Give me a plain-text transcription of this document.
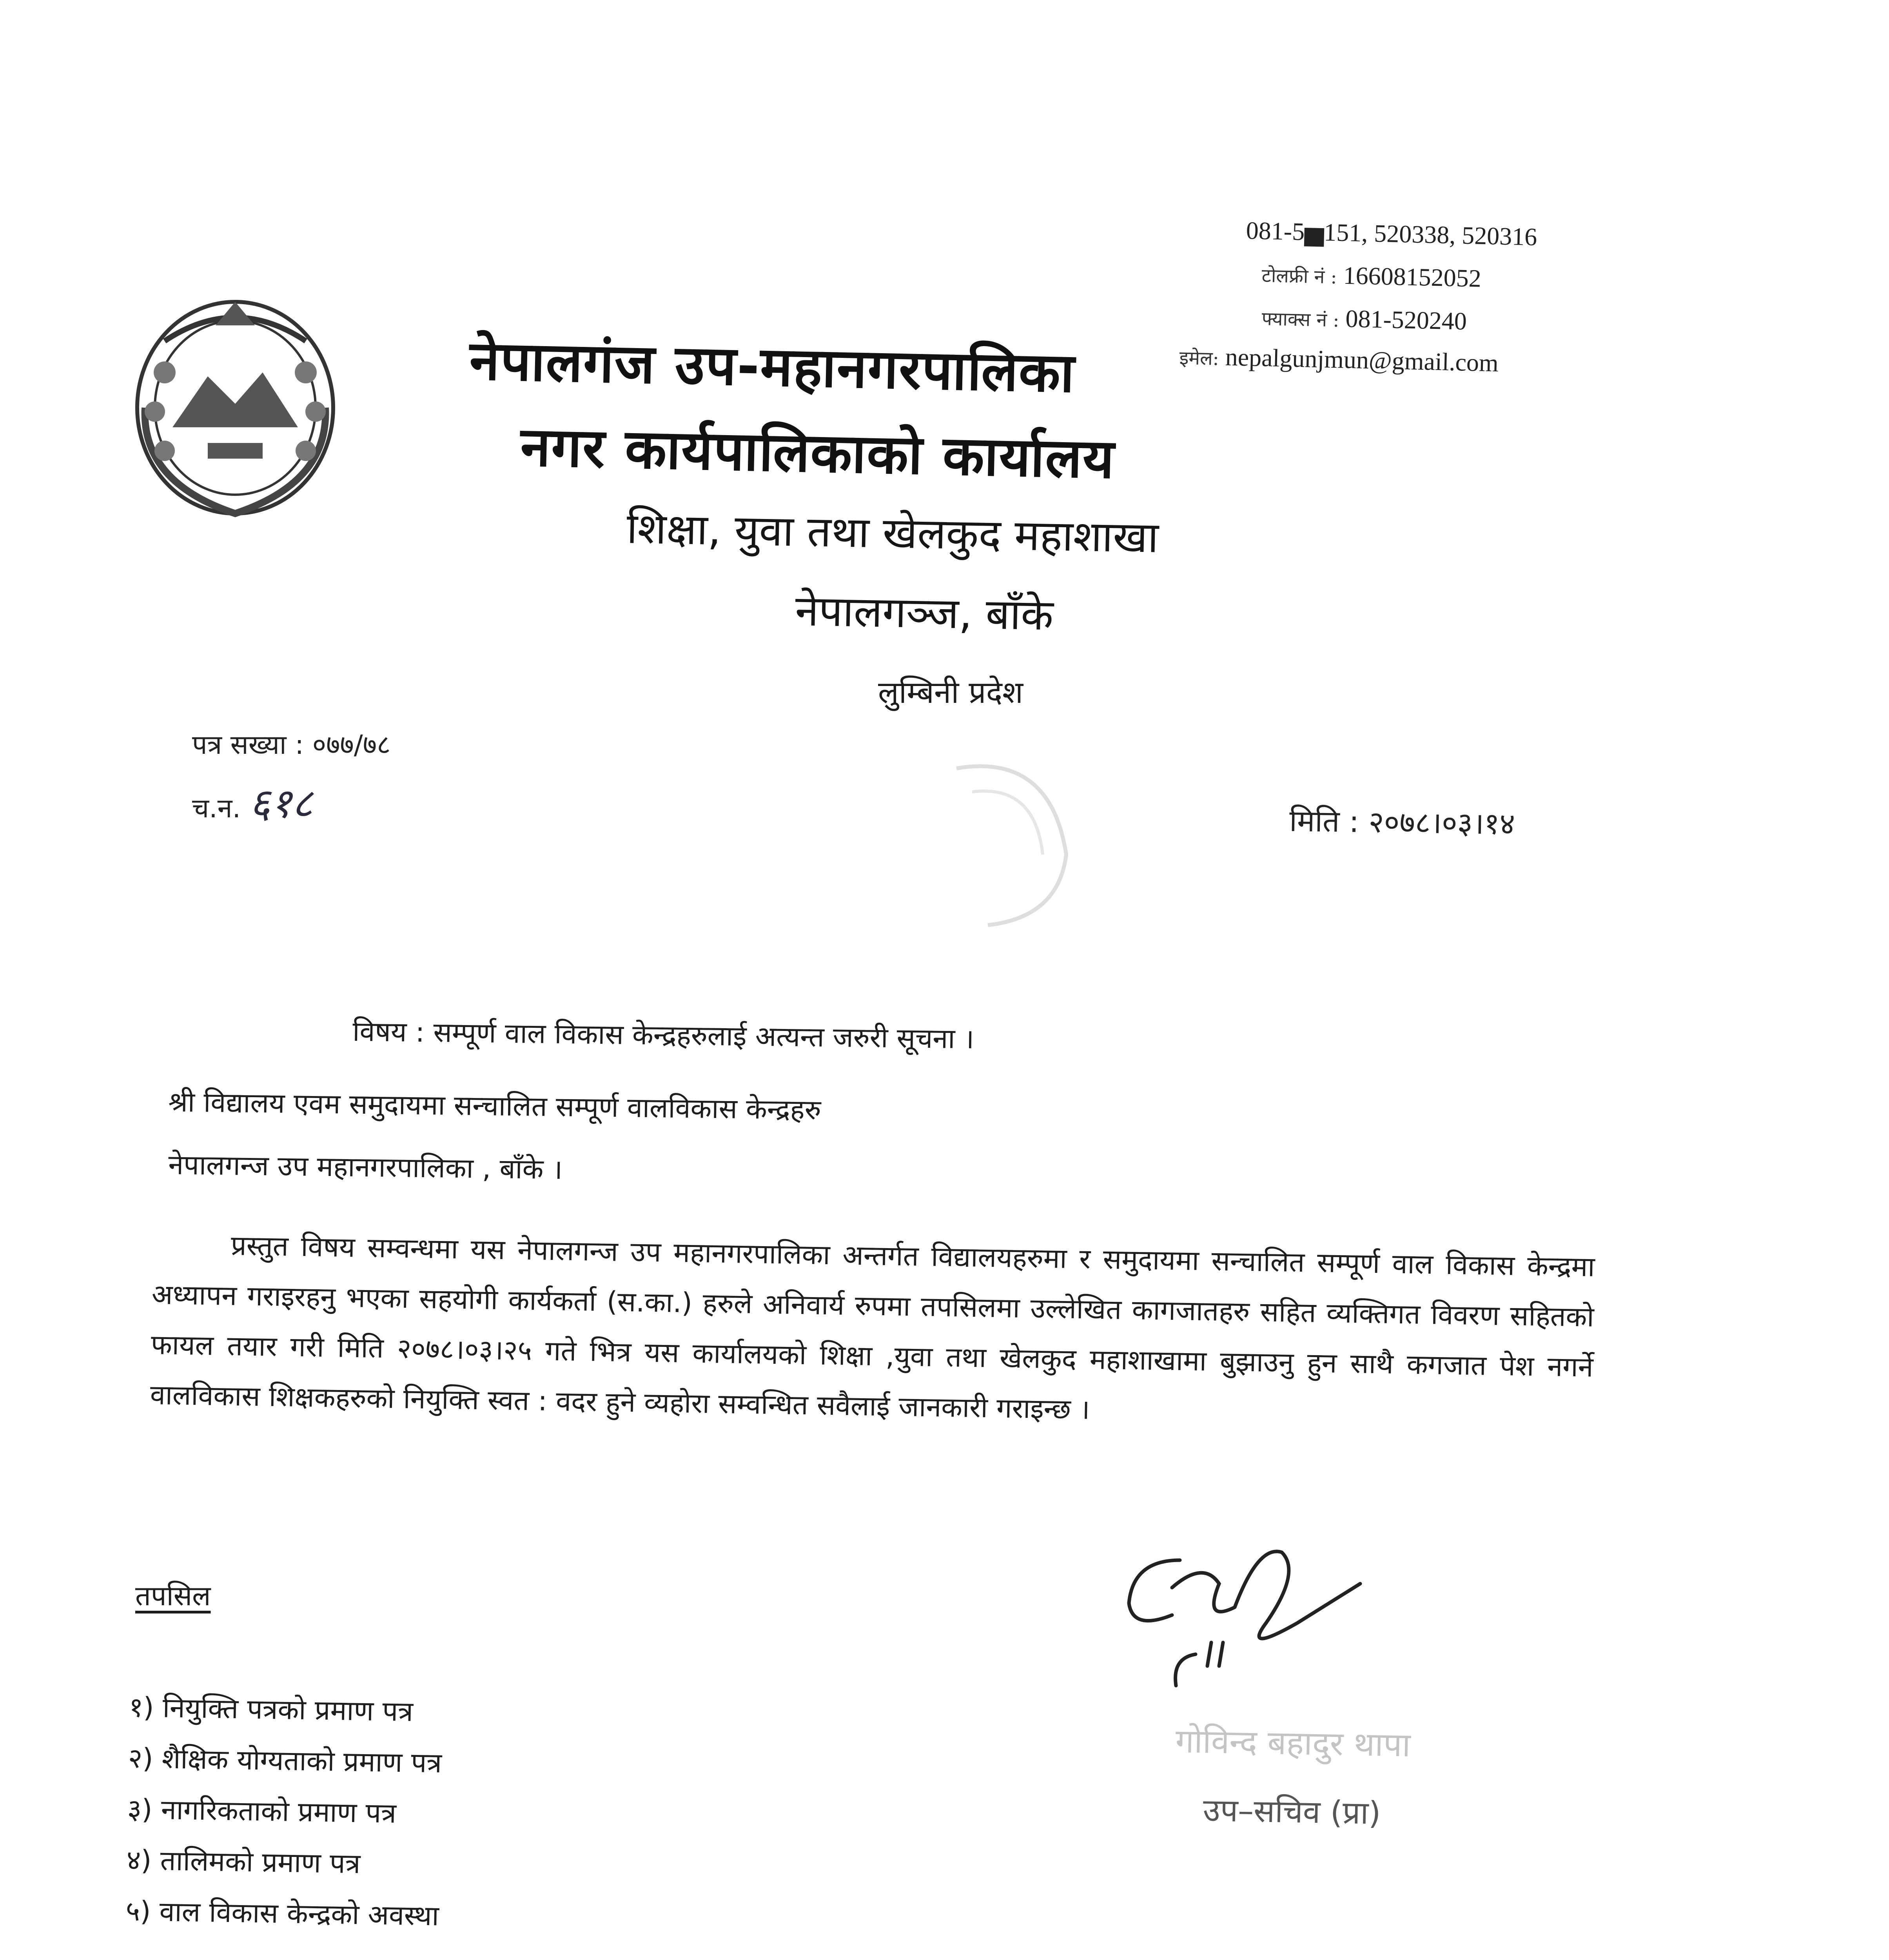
081-5▅151, 520338, 520316
टोलफ्री नं : 16608152052
फ्याक्स नं : 081-520240
इमेल: nepalgunjmun@gmail.com
नेपालगंज उप-महानगरपालिका
नगर कार्यपालिकाको कार्यालय
शिक्षा, युवा तथा खेलकुद महाशाखा
नेपालगञ्ज, बाँके
लुम्बिनी प्रदेश
पत्र सख्या : ०७७/७८
च.न. ६१८	मिति : २०७८।०३।१४
विषय : सम्पूर्ण वाल विकास केन्द्रहरुलाई अत्यन्त जरुरी सूचना ।
श्री विद्यालय एवम समुदायमा सन्चालित सम्पूर्ण वालविकास केन्द्रहरु
नेपालगन्ज उप महानगरपालिका , बाँके ।
प्रस्तुत विषय सम्वन्धमा यस नेपालगन्ज उप महानगरपालिका अन्तर्गत विद्यालयहरुमा र समुदायमा सन्चालित सम्पूर्ण वाल विकास केन्द्रमा अध्यापन गराइरहनु भएका सहयोगी कार्यकर्ता (स.का.) हरुले अनिवार्य रुपमा तपसिलमा उल्लेखित कागजातहरु सहित व्यक्तिगत विवरण सहितको फायल तयार गरी मिति २०७८।०३।२५ गते भित्र यस कार्यालयको शिक्षा ,युवा तथा खेलकुद महाशाखामा बुझाउनु हुन साथै कगजात पेश नगर्ने वालविकास शिक्षकहरुको नियुक्ति स्वत : वदर हुने व्यहोरा सम्वन्धित सवैलाई जानकारी गराइन्छ ।
तपसिल
१) नियुक्ति पत्रको प्रमाण पत्र
२) शैक्षिक योग्यताको प्रमाण पत्र
३) नागरिकताको प्रमाण पत्र
४) तालिमको प्रमाण पत्र
५) वाल विकास केन्द्रको अवस्था
गोविन्द बहादुर थापा
उप–सचिव (प्रा)
